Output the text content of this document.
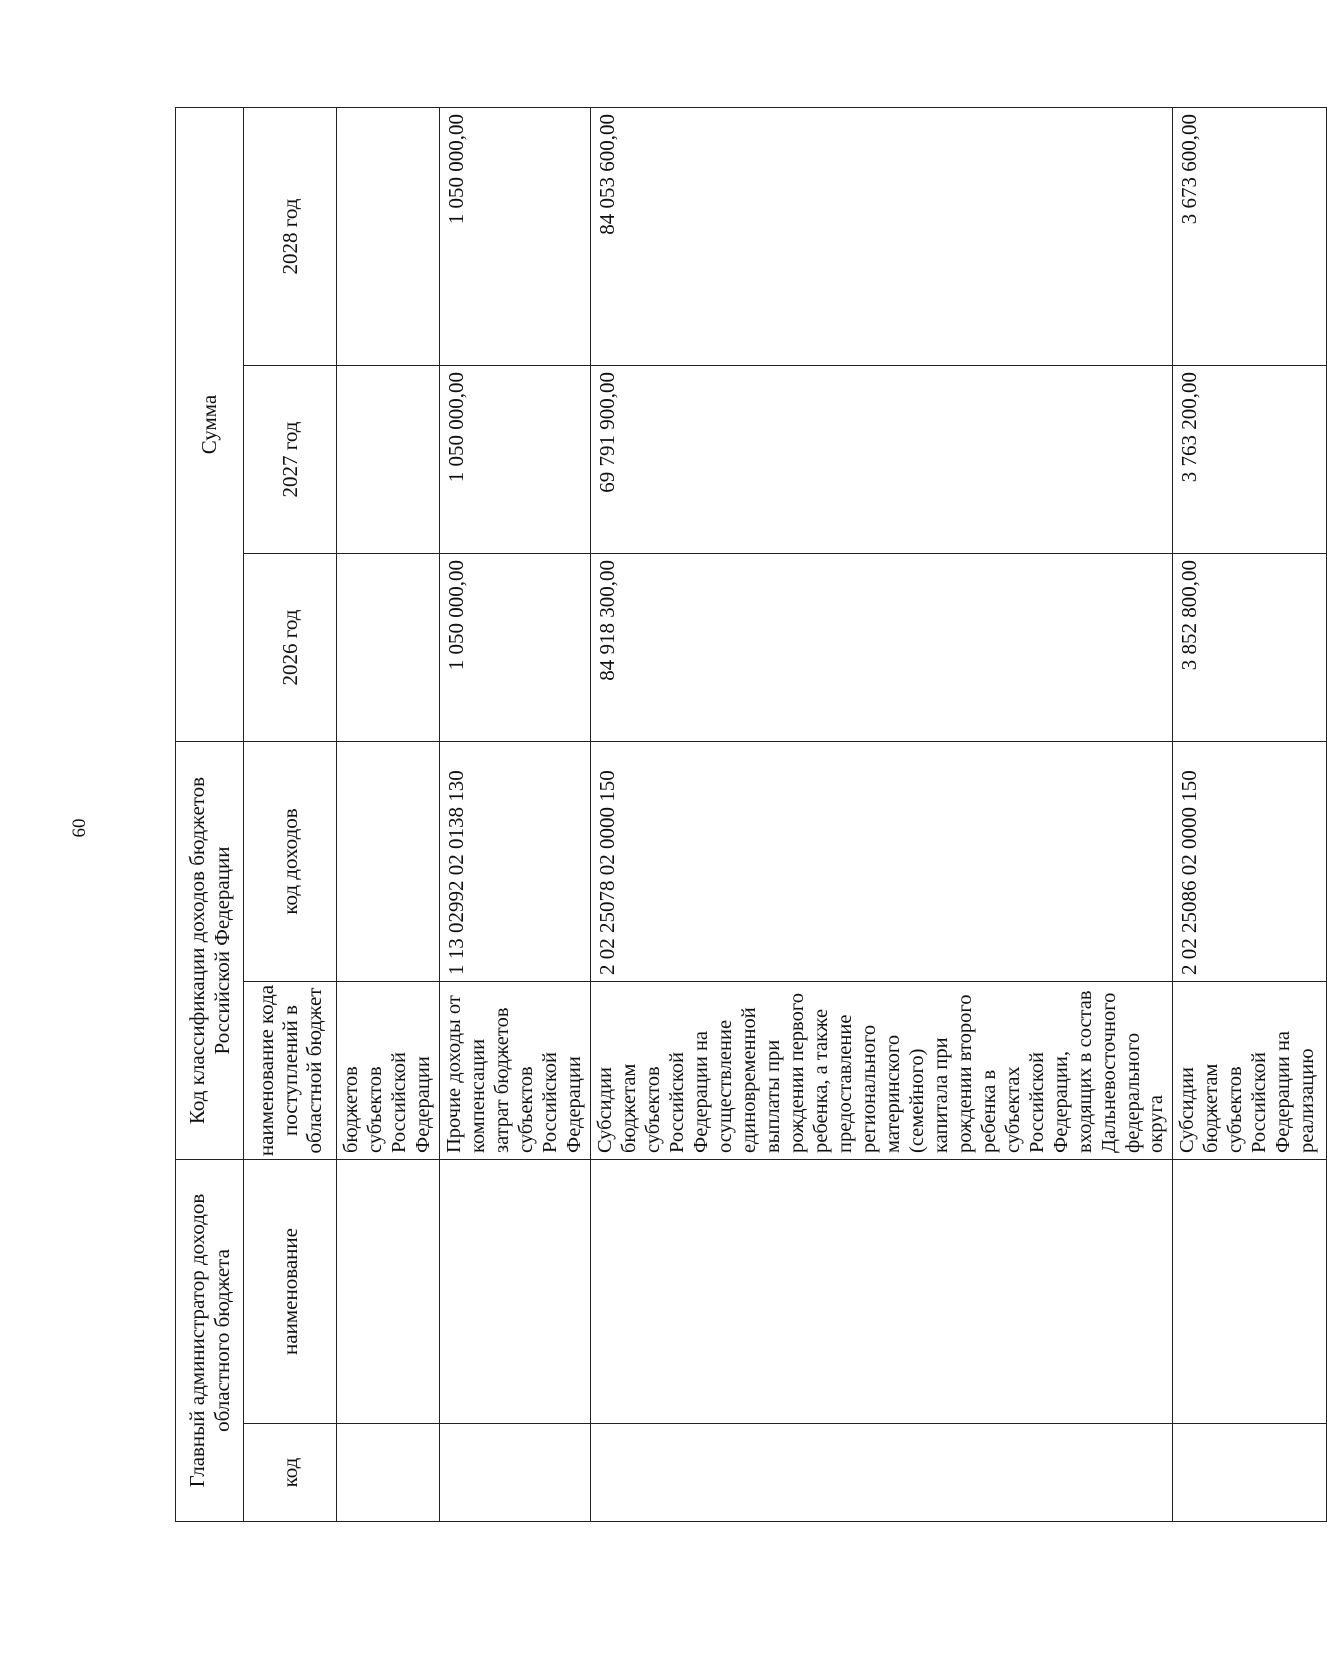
60
Главный администратор доходов областного бюджета		Код классификации доходов бюджетов Российской Федерации		Сумма		
код	наименование	наименование кода поступлений в областной бюджет	код доходов	2026 год	2027 год	2028 год
		бюджетов субъектов Российской Федерации				
		Прочие доходы от компенсации затрат бюджетов субъектов Российской Федерации	1 13 02992 02 0138 130	1 050 000,00	1 050 000,00	1 050 000,00
		Субсидии бюджетам субъектов Российской Федерации на осуществление единовременной выплаты при рождении первого ребенка, а также предоставление регионального материнского (семейного) капитала при рождении второго ребенка в субъектах Российской Федерации, входящих в состав Дальневосточного федерального округа	2 02 25078 02 0000 150	84 918 300,00	69 791 900,00	84 053 600,00
		Субсидии бюджетам субъектов Российской Федерации на реализацию	2 02 25086 02 0000 150	3 852 800,00	3 763 200,00	3 673 600,00
